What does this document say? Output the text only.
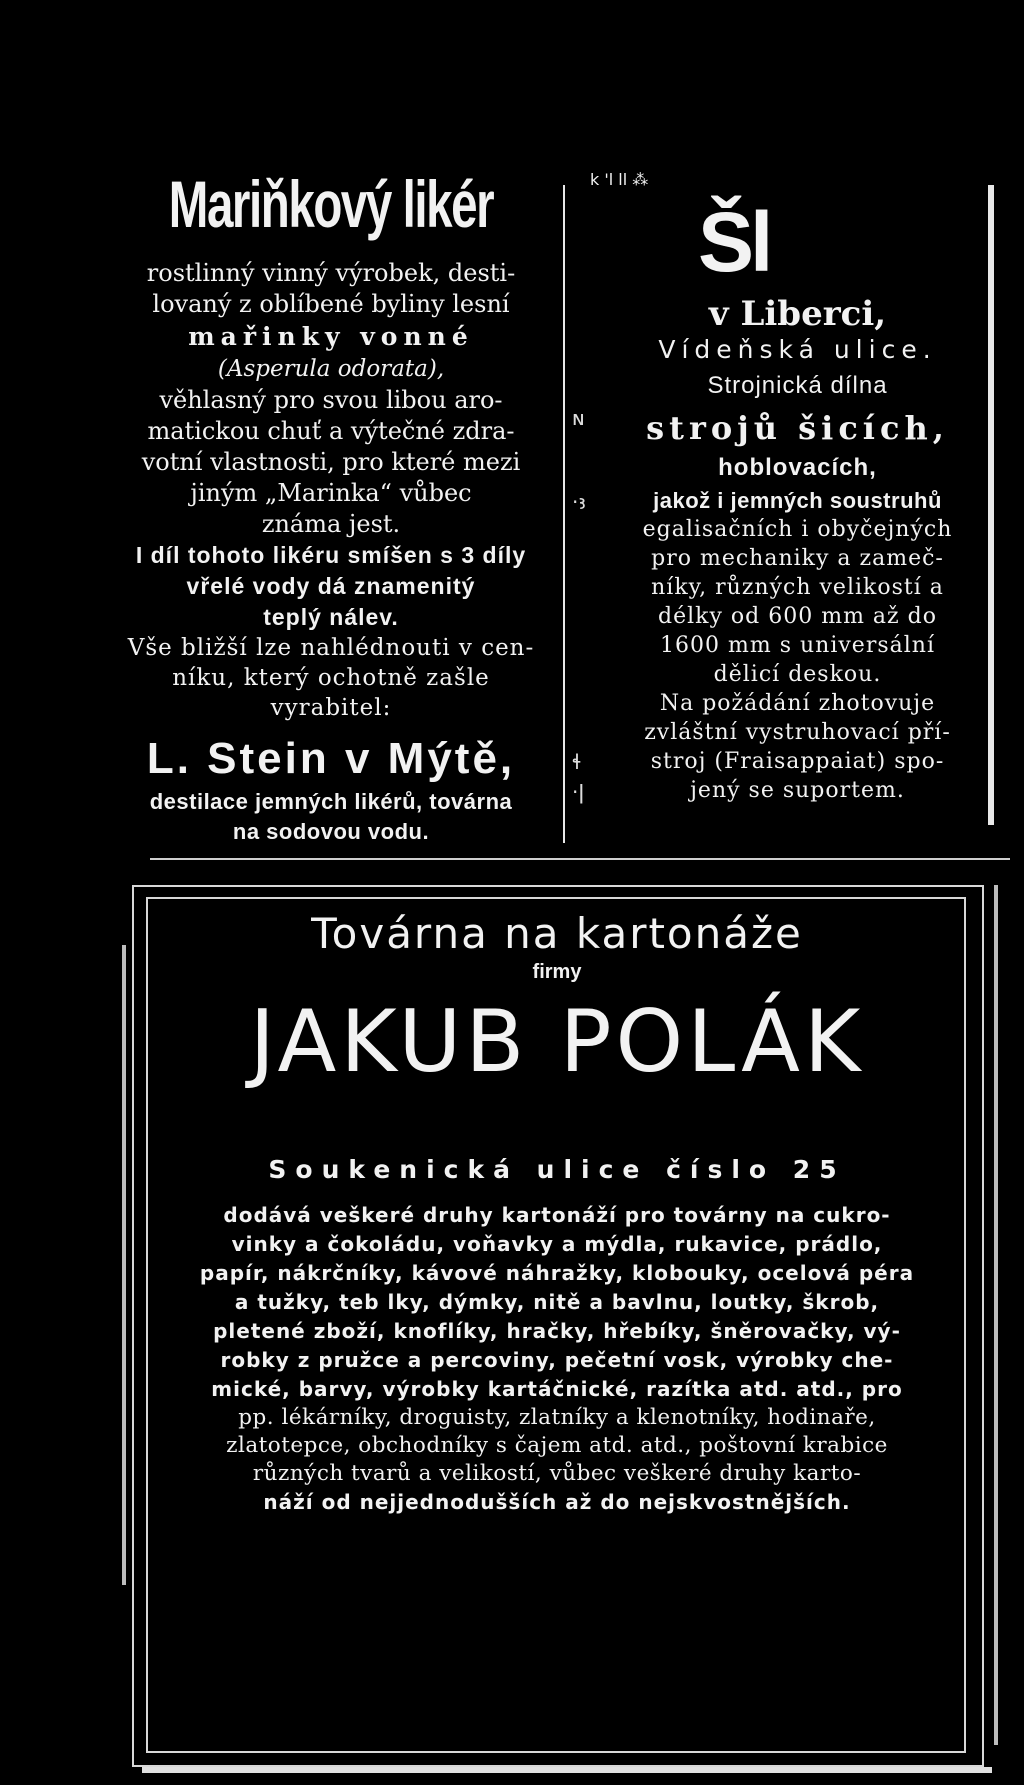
Mariňkový likér
rostlinný vinný výrobek, desti-
lovaný z oblíbené byliny lesní
mařinky vonné
(Asperula odorata),
věhlasný pro svou libou aro-
matickou chuť a výtečné zdra-
votní vlastnosti, pro které mezi
jiným „Marinka“ vůbec
známa jest.
I díl tohoto likéru smíšen s 3 díly
vřelé vody dá znamenitý
teplý nálev.
Vše bližší lze nahlédnouti v cen-
níku, který ochotně zašle
vyrabitel:
L. Stein v Mýtě,
destilace jemných likérů, továrna
na sodovou vodu.
k 'l ll ⁂
Šl
v Liberci,
Vídeňská ulice.
Strojnická dílna
strojů šicích,
hoblovacích,
jakož i jemných soustruhů
egalisačních i obyčejných
pro mechaniky a zameč-
níky, různých velikostí a
délky od 600 mm až do
1600 mm s universální
dělicí deskou.
Na požádání zhotovuje
zvláštní vystruhovací pří-
stroj (Fraisappaiat) spo-
jený se suportem.
ɴ
·ꜣ
ɬ
·ǀ
Továrna na kartonáže
firmy
JAKUB POLÁK
Soukenická ulice číslo 25
dodává veškeré druhy kartonáží pro továrny na cukro-
vinky a čokoládu, voňavky a mýdla, rukavice, prádlo,
papír, nákrčníky, kávové náhražky, klobouky, ocelová péra
a tužky, teb lky, dýmky, nitě a bavlnu, loutky, škrob,
pletené zboží, knoflíky, hračky, hřebíky, šněrovačky, vý-
robky z pružce a percoviny, pečetní vosk, výrobky che-
mické, barvy, výrobky kartáčnické, razítka atd. atd., pro
pp. lékárníky, droguisty, zlatníky a klenotníky, hodinaře,
zlatotepce, obchodníky s čajem atd. atd., poštovní krabice
různých tvarů a velikostí, vůbec veškeré druhy karto-
náží od nejjednodušších až do nejskvostnějších.
